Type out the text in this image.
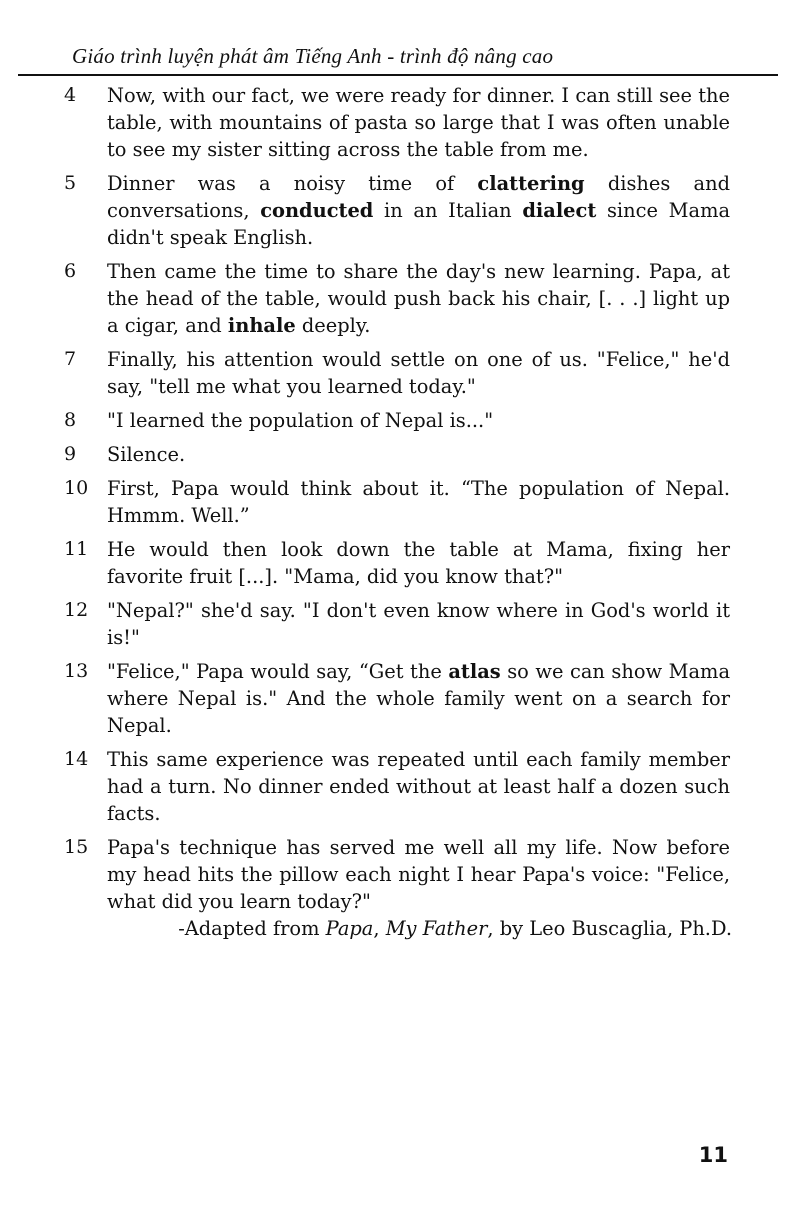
Giáo trình luyện phát âm Tiếng Anh - trình độ nâng cao
4 Now, with our fact, we were ready for dinner. I can still see the table, with mountains of pasta so large that I was often unable to see my sister sitting across the table from me.
5 Dinner was a noisy time of clattering dishes and conversations, conducted in an Italian dialect since Mama didn't speak English.
6 Then came the time to share the day's new learning. Papa, at the head of the table, would push back his chair, [. . .] light up a cigar, and inhale deeply.
7 Finally, his attention would settle on one of us. "Felice," he'd say, "tell me what you learned today."
8 "I learned the population of Nepal is..."
9 Silence.
10 First, Papa would think about it. “The population of Nepal. Hmmm. Well.”
11 He would then look down the table at Mama, fixing her favorite fruit [...]. "Mama, did you know that?"
12 "Nepal?" she'd say. "I don't even know where in God's world it is!"
13 "Felice," Papa would say, “Get the atlas so we can show Mama where Nepal is." And the whole family went on a search for Nepal.
14 This same experience was repeated until each family member had a turn. No dinner ended without at least half a dozen such facts.
15 Papa's technique has served me well all my life. Now before my head hits the pillow each night I hear Papa's voice: "Felice, what did you learn today?"
-Adapted from Papa, My Father, by Leo Buscaglia, Ph.D.
11
